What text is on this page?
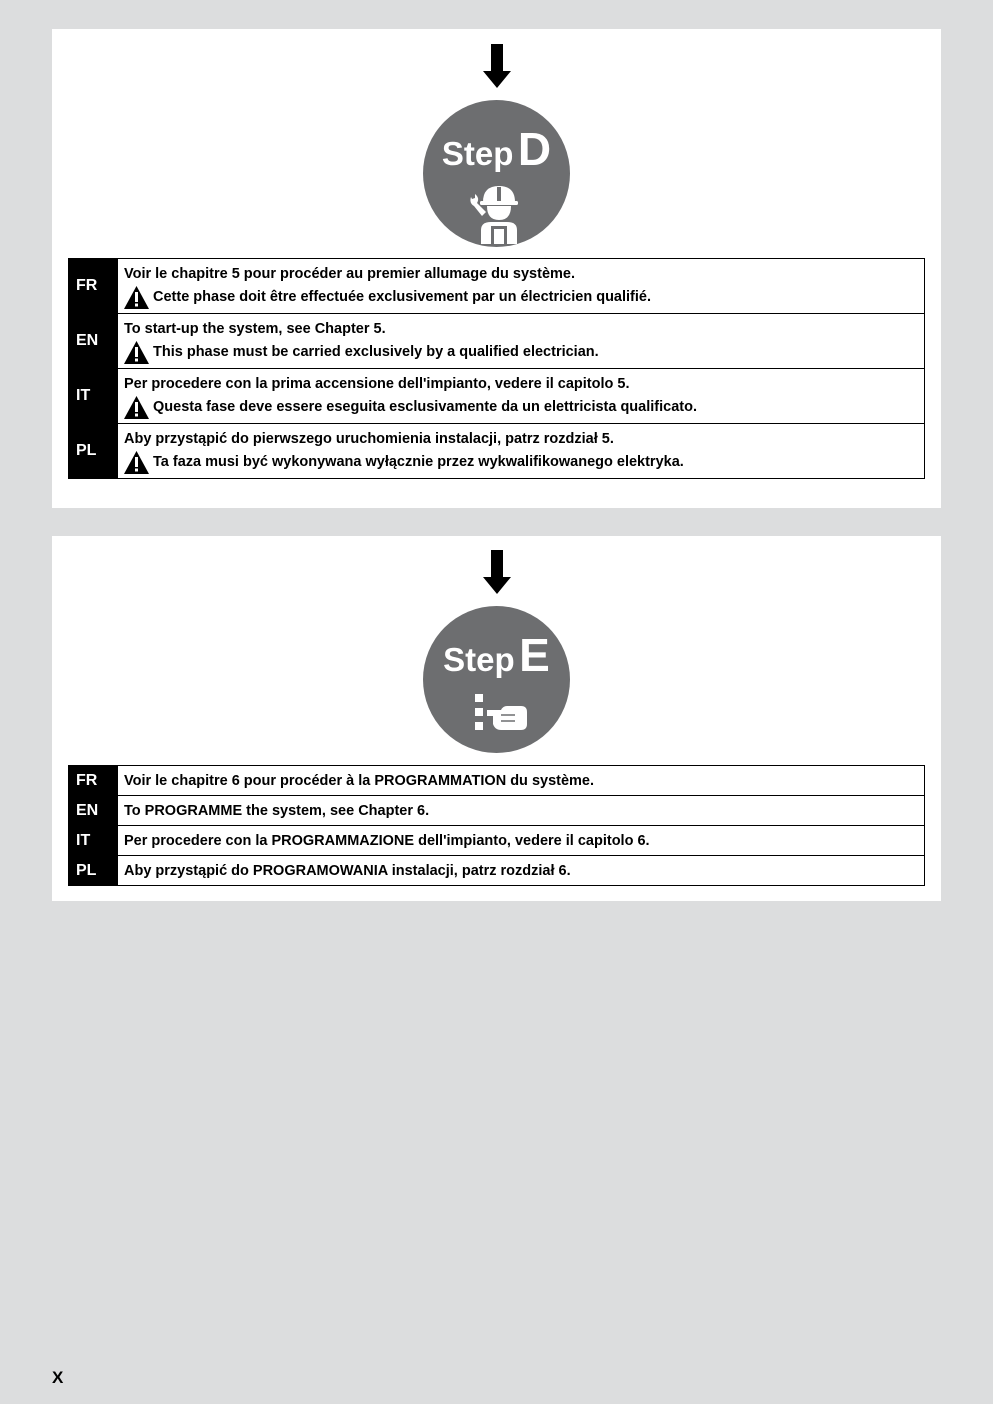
Step D
FR	Voir le chapitre 5 pour procéder au premier allumage du système.
Cette phase doit être effectuée exclusivement par un électricien qualifié.

EN	To start-up the system, see Chapter 5.
This phase must be carried exclusively by a qualified electrician.

IT	Per procedere con la prima accensione dell'impianto, vedere il capitolo 5.
Questa fase deve essere eseguita esclusivamente da un elettricista qualificato.

PL	Aby przystąpić do pierwszego uruchomienia instalacji, patrz rozdział 5.
Ta faza musi być wykonywana wyłącznie przez wykwalifikowanego elektryka.
Step E
FR	Voir le chapitre 6 pour procéder à la PROGRAMMATION du système.
EN	To PROGRAMME the system, see Chapter 6.
IT	Per procedere con la PROGRAMMAZIONE dell'impianto, vedere il capitolo 6.
PL	Aby przystąpić do PROGRAMOWANIA instalacji, patrz rozdział 6.
X
